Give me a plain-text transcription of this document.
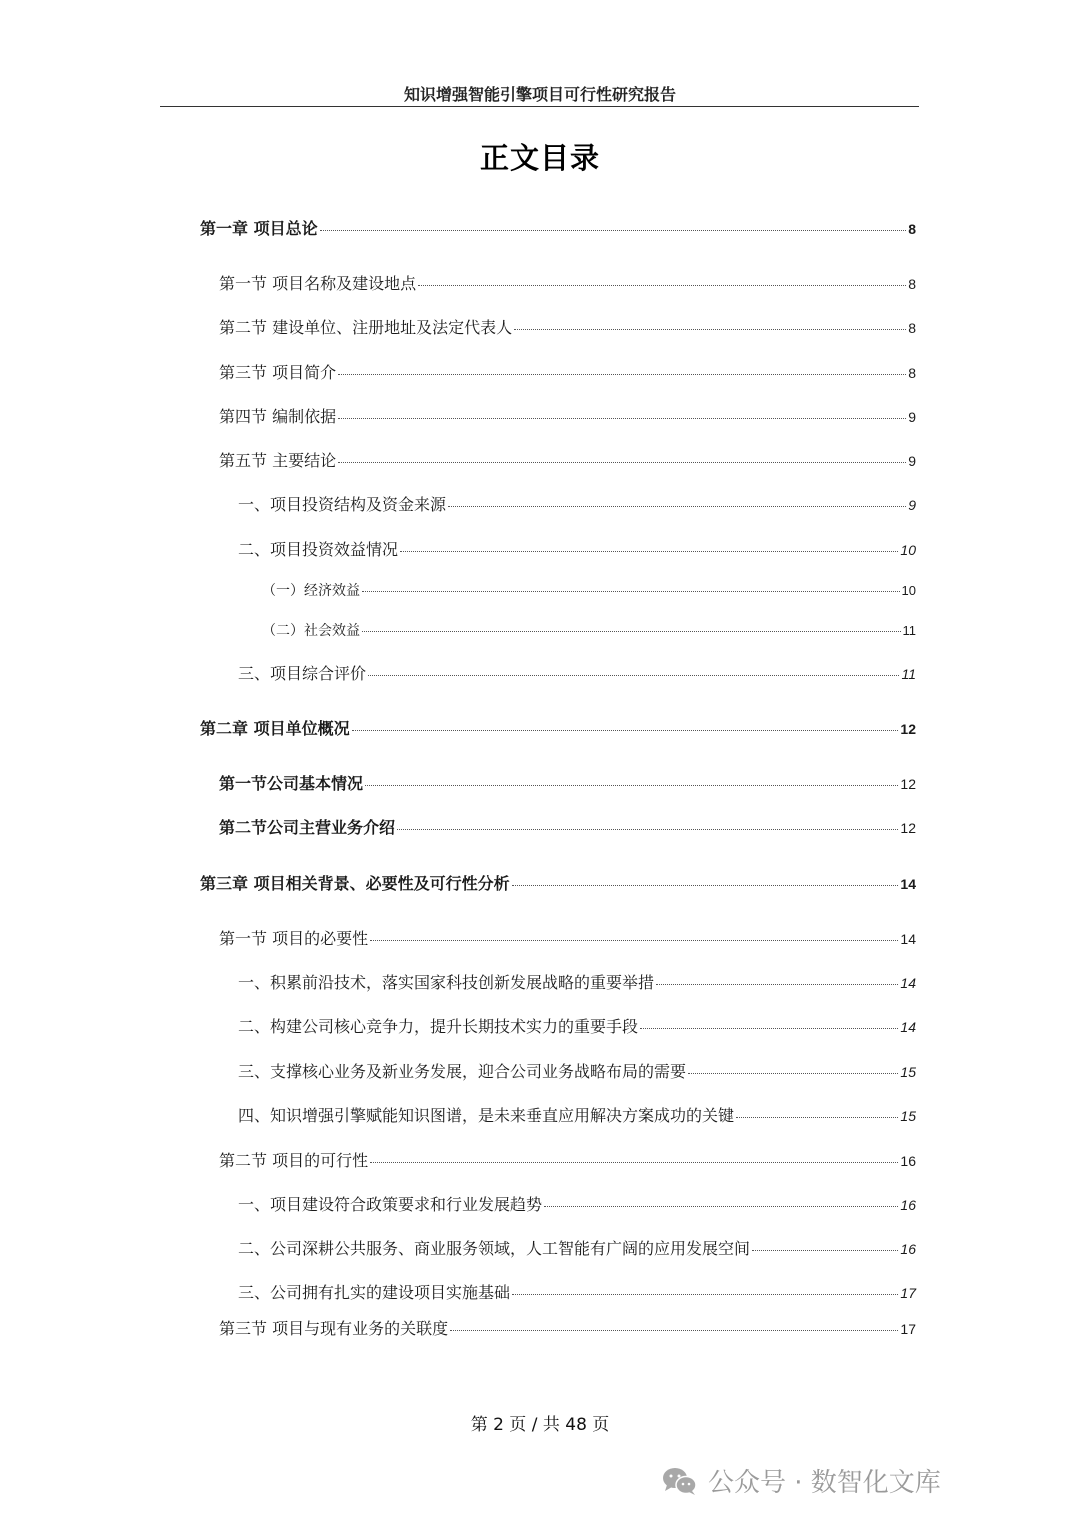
知识增强智能引擎项目可行性研究报告
正文目录
第一章 项目总论	8
第一节 项目名称及建设地点	8
第二节 建设单位、注册地址及法定代表人	8
第三节 项目简介	8
第四节 编制依据	9
第五节 主要结论	9
一、项目投资结构及资金来源	9
二、项目投资效益情况	10
（一）经济效益	10
（二）社会效益	11
三、项目综合评价	11
第二章 项目单位概况	12
第一节公司基本情况	12
第二节公司主营业务介绍	12
第三章 项目相关背景、必要性及可行性分析	14
第一节 项目的必要性	14
一、积累前沿技术，落实国家科技创新发展战略的重要举措	14
二、构建公司核心竞争力，提升长期技术实力的重要手段	14
三、支撑核心业务及新业务发展，迎合公司业务战略布局的需要	15
四、知识增强引擎赋能知识图谱，是未来垂直应用解决方案成功的关键	15
第二节 项目的可行性	16
一、项目建设符合政策要求和行业发展趋势	16
二、公司深耕公共服务、商业服务领域，人工智能有广阔的应用发展空间	16
三、公司拥有扎实的建设项目实施基础	17
第三节 项目与现有业务的关联度	17
第 2 页 / 共 48 页
公众号 · 数智化文库
